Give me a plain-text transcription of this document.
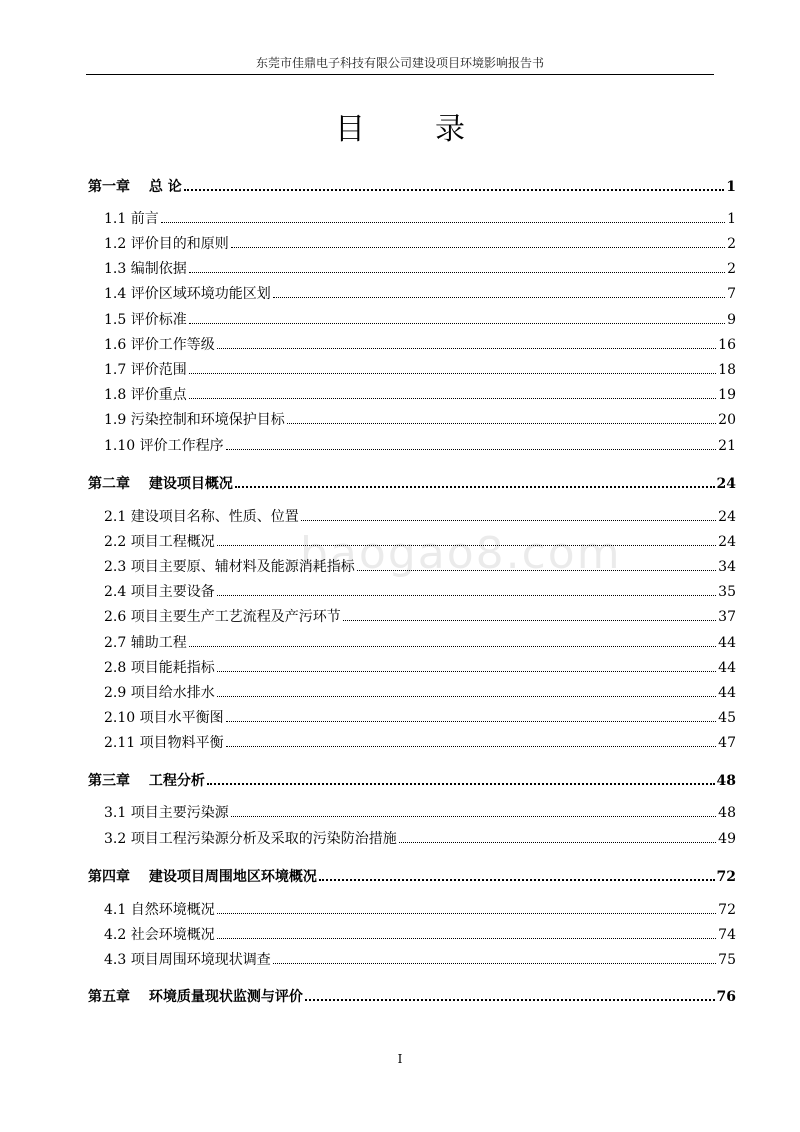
东莞市佳鼎电子科技有限公司建设项目环境影响报告书
目录
baogao8.com
第一章　 总 论	1
1.1 前言	1
1.2 评价目的和原则	2
1.3 编制依据	2
1.4 评价区域环境功能区划	7
1.5 评价标准	9
1.6 评价工作等级	16
1.7 评价范围	18
1.8 评价重点	19
1.9 污染控制和环境保护目标	20
1.10 评价工作程序	21
第二章　 建设项目概况	24
2.1 建设项目名称、性质、位置	24
2.2 项目工程概况	24
2.3 项目主要原、辅材料及能源消耗指标	34
2.4 项目主要设备	35
2.6 项目主要生产工艺流程及产污环节	37
2.7 辅助工程	44
2.8 项目能耗指标	44
2.9 项目给水排水	44
2.10 项目水平衡图	45
2.11 项目物料平衡	47
第三章　 工程分析	48
3.1 项目主要污染源	48
3.2 项目工程污染源分析及采取的污染防治措施	49
第四章　 建设项目周围地区环境概况	72
4.1 自然环境概况	72
4.2 社会环境概况	74
4.3 项目周围环境现状调查	75
第五章　 环境质量现状监测与评价	76
I
